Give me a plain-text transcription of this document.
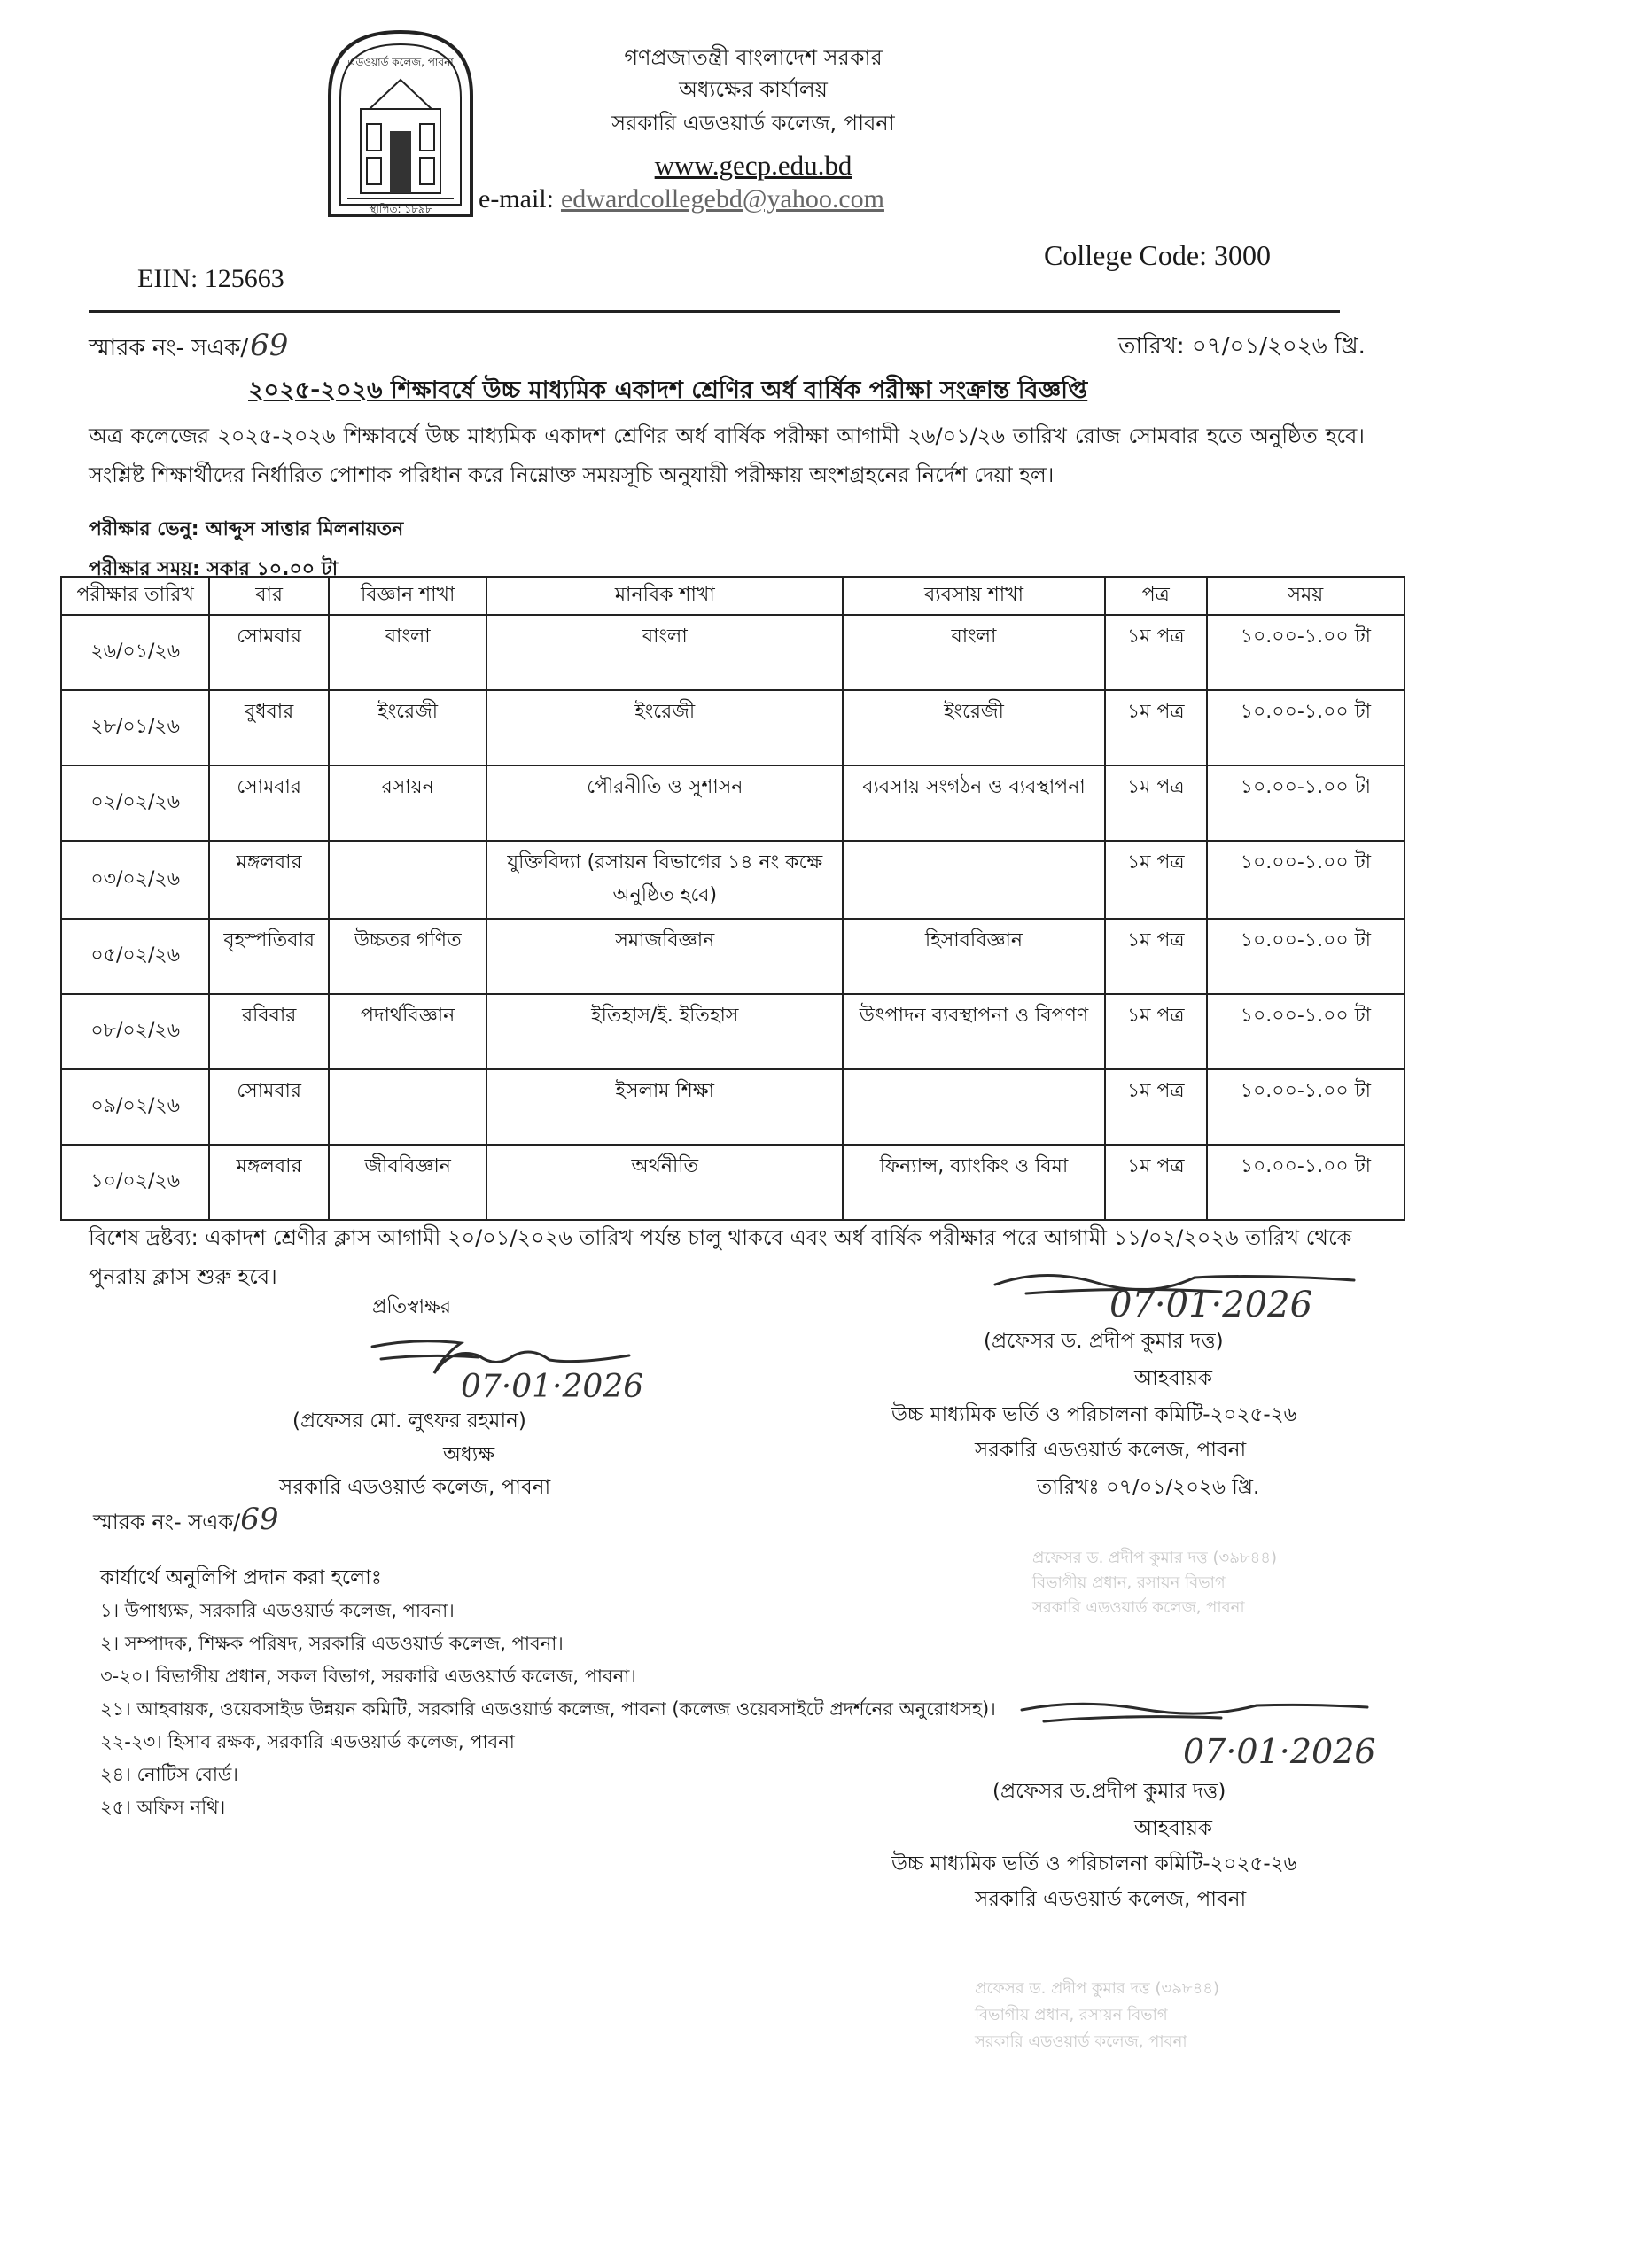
এডওয়ার্ড কলেজ, পাবনা
স্থাপিত: ১৮৯৮
গণপ্রজাতন্ত্রী বাংলাদেশ সরকার
অধ্যক্ষের কার্যালয়
সরকারি এডওয়ার্ড কলেজ, পাবনা
www.gecp.edu.bd
e-mail: edwardcollegebd@yahoo.com
EIIN: 125663
College Code: 3000
স্মারক নং- সএক/69	তারিখ: ০৭/০১/২০২৬ খ্রি.
২০২৫-২০২৬ শিক্ষাবর্ষে উচ্চ মাধ্যমিক একাদশ শ্রেণির অর্ধ বার্ষিক পরীক্ষা সংক্রান্ত বিজ্ঞপ্তি
অত্র কলেজের ২০২৫-২০২৬ শিক্ষাবর্ষে উচ্চ মাধ্যমিক একাদশ শ্রেণির অর্ধ বার্ষিক পরীক্ষা আগামী ২৬/০১/২৬ তারিখ রোজ সোমবার হতে অনুষ্ঠিত হবে। সংশ্লিষ্ট শিক্ষার্থীদের নির্ধারিত পোশাক পরিধান করে নিম্নোক্ত সময়সূচি অনুযায়ী পরীক্ষায় অংশগ্রহনের নির্দেশ দেয়া হল।
পরীক্ষার ভেনু: আব্দুস সাত্তার মিলনায়তন
পরীক্ষার সময়: সকার ১০.০০ টা
পরীক্ষার তারিখ	বার	বিজ্ঞান শাখা	মানবিক শাখা	ব্যবসায় শাখা	পত্র	সময়
২৬/০১/২৬	সোমবার	বাংলা	বাংলা	বাংলা	১ম পত্র	১০.০০-১.০০ টা
২৮/০১/২৬	বুধবার	ইংরেজী	ইংরেজী	ইংরেজী	১ম পত্র	১০.০০-১.০০ টা
০২/০২/২৬	সোমবার	রসায়ন	পৌরনীতি ও সুশাসন	ব্যবসায় সংগঠন ও ব্যবস্থাপনা	১ম পত্র	১০.০০-১.০০ টা
০৩/০২/২৬	মঙ্গলবার		যুক্তিবিদ্যা (রসায়ন বিভাগের ১৪ নং কক্ষে অনুষ্ঠিত হবে)		১ম পত্র	১০.০০-১.০০ টা
০৫/০২/২৬	বৃহস্পতিবার	উচ্চতর গণিত	সমাজবিজ্ঞান	হিসাববিজ্ঞান	১ম পত্র	১০.০০-১.০০ টা
০৮/০২/২৬	রবিবার	পদার্থবিজ্ঞান	ইতিহাস/ই. ইতিহাস	উৎপাদন ব্যবস্থাপনা ও বিপণণ	১ম পত্র	১০.০০-১.০০ টা
০৯/০২/২৬	সোমবার		ইসলাম শিক্ষা		১ম পত্র	১০.০০-১.০০ টা
১০/০২/২৬	মঙ্গলবার	জীববিজ্ঞান	অর্থনীতি	ফিন্যান্স, ব্যাংকিং ও বিমা	১ম পত্র	১০.০০-১.০০ টা
বিশেষ দ্রষ্টব্য: একাদশ শ্রেণীর ক্লাস আগামী ২০/০১/২০২৬ তারিখ পর্যন্ত চালু থাকবে এবং অর্ধ বার্ষিক পরীক্ষার পরে আগামী ১১/০২/২০২৬ তারিখ থেকে পুনরায় ক্লাস শুরু হবে।
07·01·2026
(প্রফেসর ড. প্রদীপ কুমার দত্ত)
আহবায়ক
উচ্চ মাধ্যমিক ভর্তি ও পরিচালনা কমিটি-২০২৫-২৬
সরকারি এডওয়ার্ড কলেজ, পাবনা
তারিখঃ ০৭/০১/২০২৬ খ্রি.
প্রতিস্বাক্ষর
07·01·2026
(প্রফেসর মো. লুৎফর রহমান)
অধ্যক্ষ
সরকারি এডওয়ার্ড কলেজ, পাবনা
স্মারক নং- সএক/69
কার্যার্থে অনুলিপি প্রদান করা হলোঃ
১। উপাধ্যক্ষ, সরকারি এডওয়ার্ড কলেজ, পাবনা।
২। সম্পাদক, শিক্ষক পরিষদ, সরকারি এডওয়ার্ড কলেজ, পাবনা।
৩-২০। বিভাগীয় প্রধান, সকল বিভাগ, সরকারি এডওয়ার্ড কলেজ, পাবনা।
২১। আহবায়ক, ওয়েবসাইড উন্নয়ন কমিটি, সরকারি এডওয়ার্ড কলেজ, পাবনা (কলেজ ওয়েবসাইটে প্রদর্শনের অনুরোধসহ)।
২২-২৩। হিসাব রক্ষক, সরকারি এডওয়ার্ড কলেজ, পাবনা
২৪। নোটিস বোর্ড।
২৫। অফিস নথি।
প্রফেসর ড. প্রদীপ কুমার দত্ত (৩৯৮৪৪)
বিভাগীয় প্রধান, রসায়ন বিভাগ
সরকারি এডওয়ার্ড কলেজ, পাবনা
07·01·2026
(প্রফেসর ড.প্রদীপ কুমার দত্ত)
আহবায়ক
উচ্চ মাধ্যমিক ভর্তি ও পরিচালনা কমিটি-২০২৫-২৬
সরকারি এডওয়ার্ড কলেজ, পাবনা
প্রফেসর ড. প্রদীপ কুমার দত্ত (৩৯৮৪৪)
বিভাগীয় প্রধান, রসায়ন বিভাগ
সরকারি এডওয়ার্ড কলেজ, পাবনা
